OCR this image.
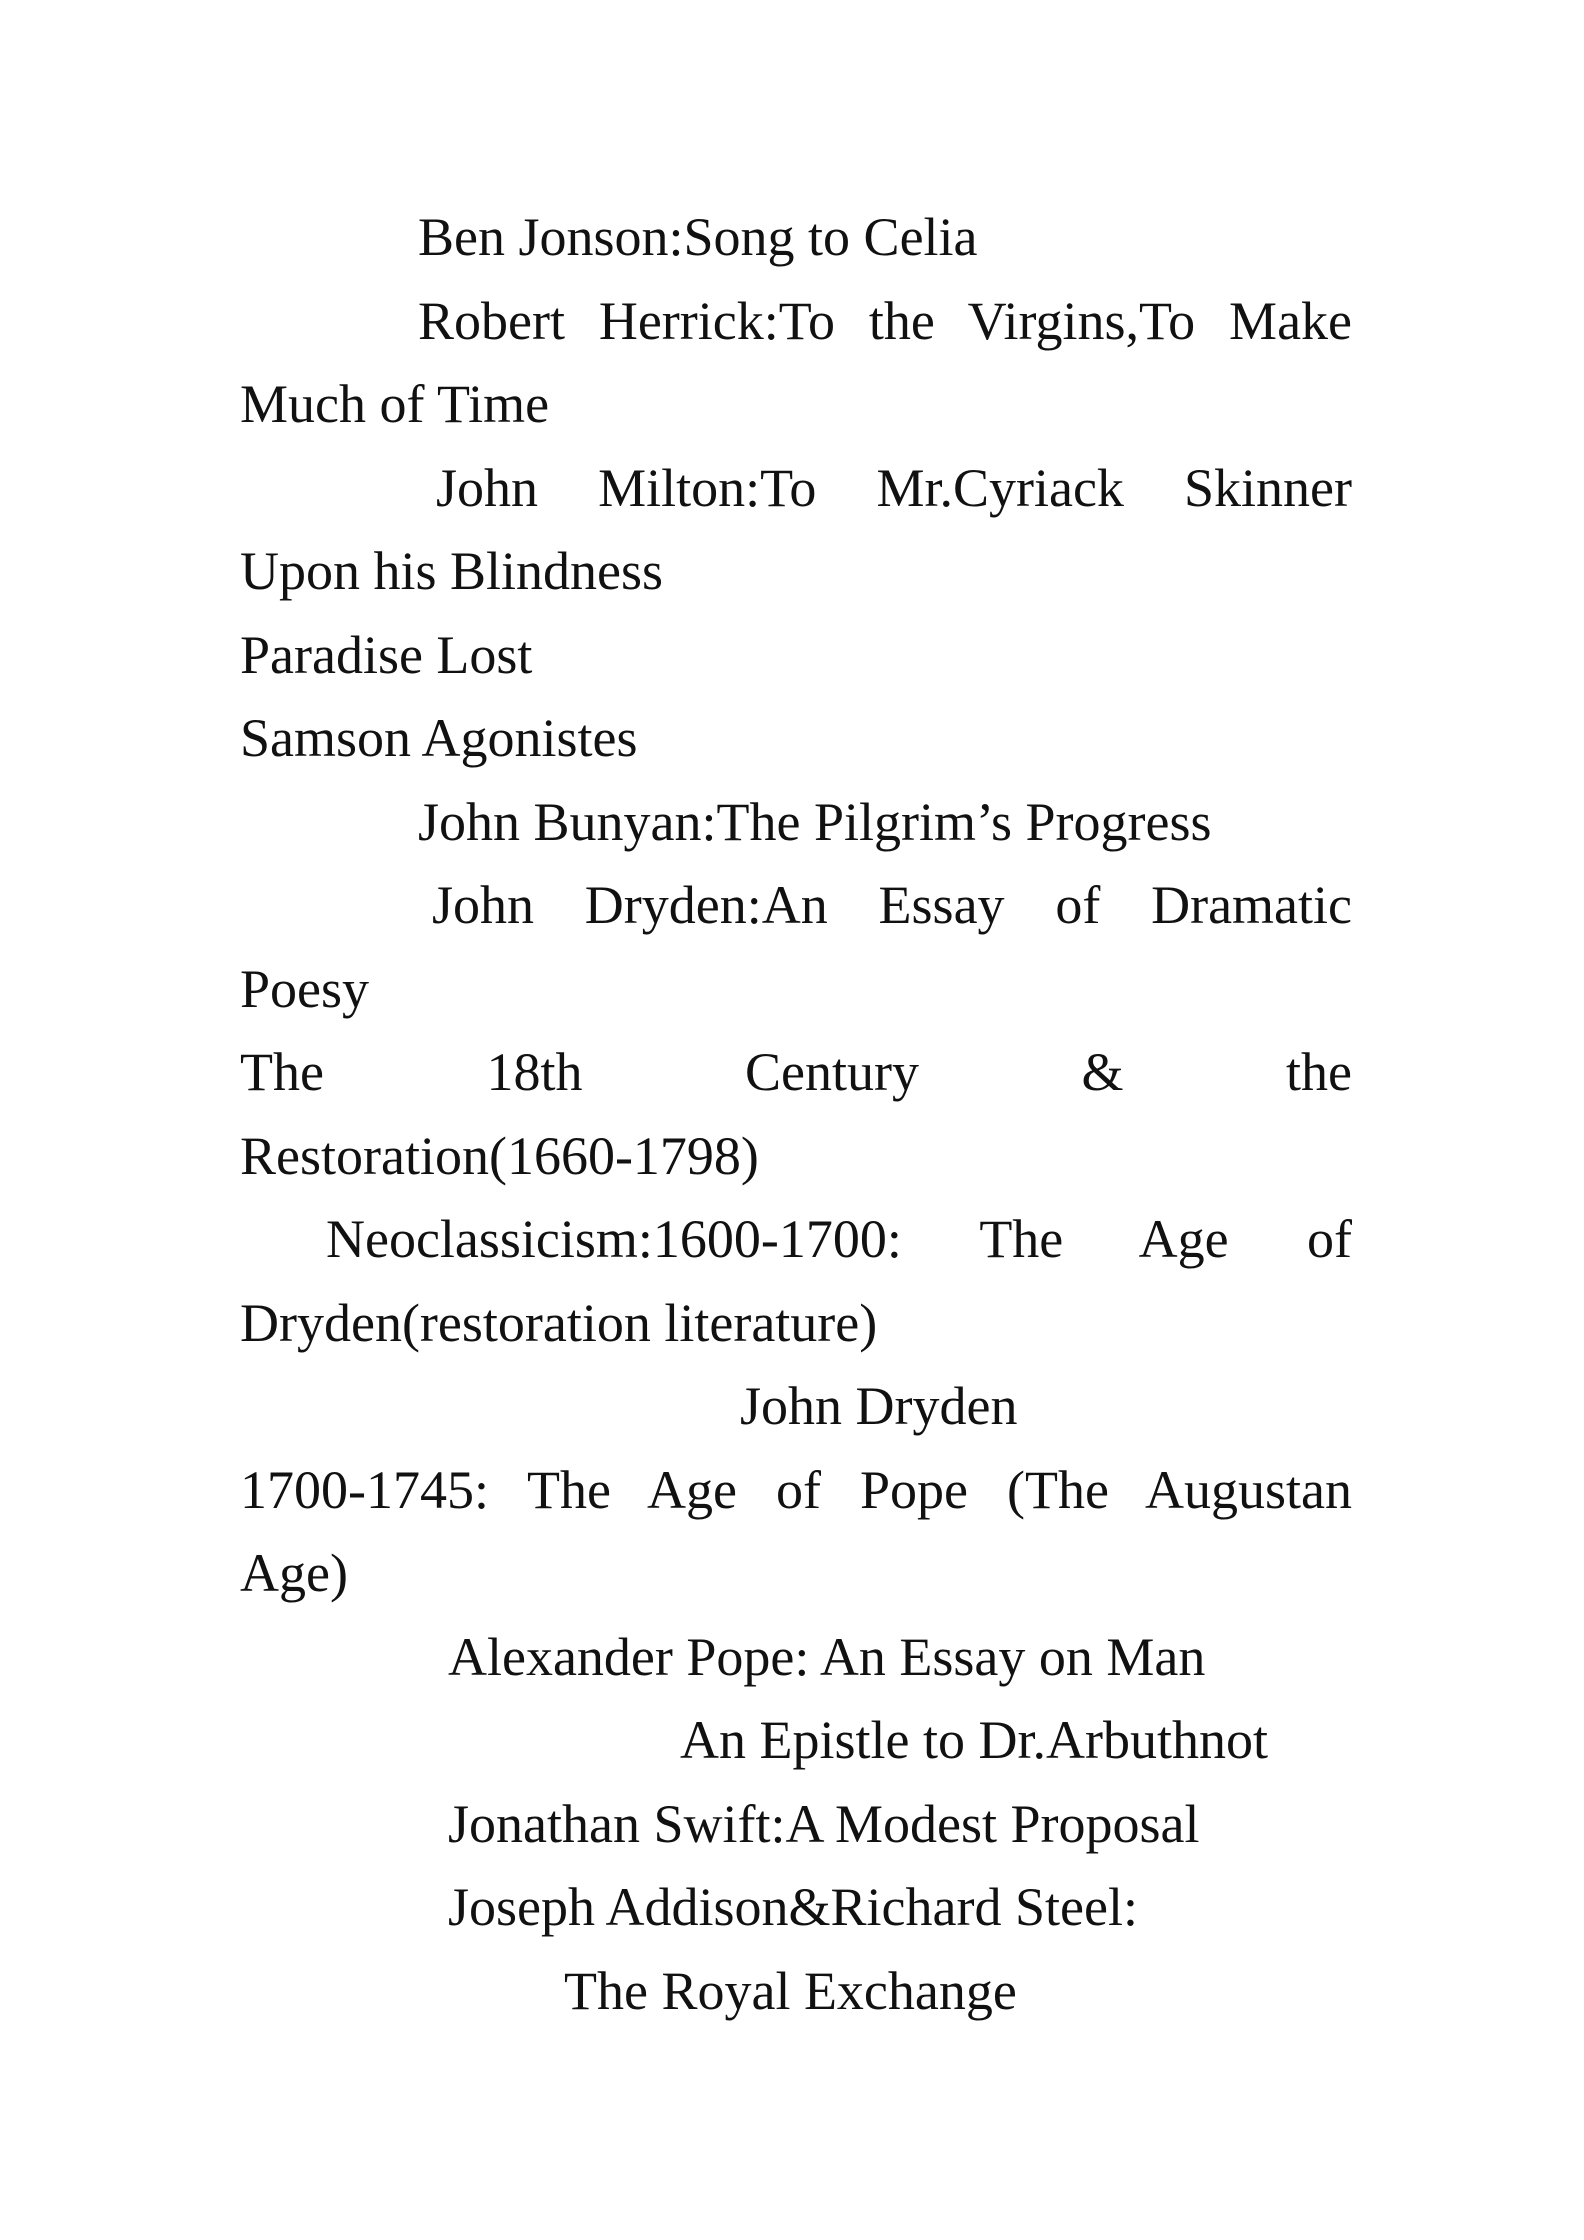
Ben Jonson:Song to Celia
Robert Herrick:To the Virgins,To Make
Much of Time
John Milton:To Mr.Cyriack Skinner
Upon his Blindness
Paradise Lost
Samson Agonistes
John Bunyan:The Pilgrim’s Progress
John Dryden:An Essay of Dramatic
Poesy
The 18th Century & the
Restoration(1660-1798)
Neoclassicism:1600-1700: The Age of
Dryden(restoration literature)
John Dryden
1700-1745: The Age of Pope (The Augustan
Age)
Alexander Pope: An Essay on Man
An Epistle to Dr.Arbuthnot
Jonathan Swift:A Modest Proposal
Joseph Addison&Richard Steel:
The Royal Exchange
